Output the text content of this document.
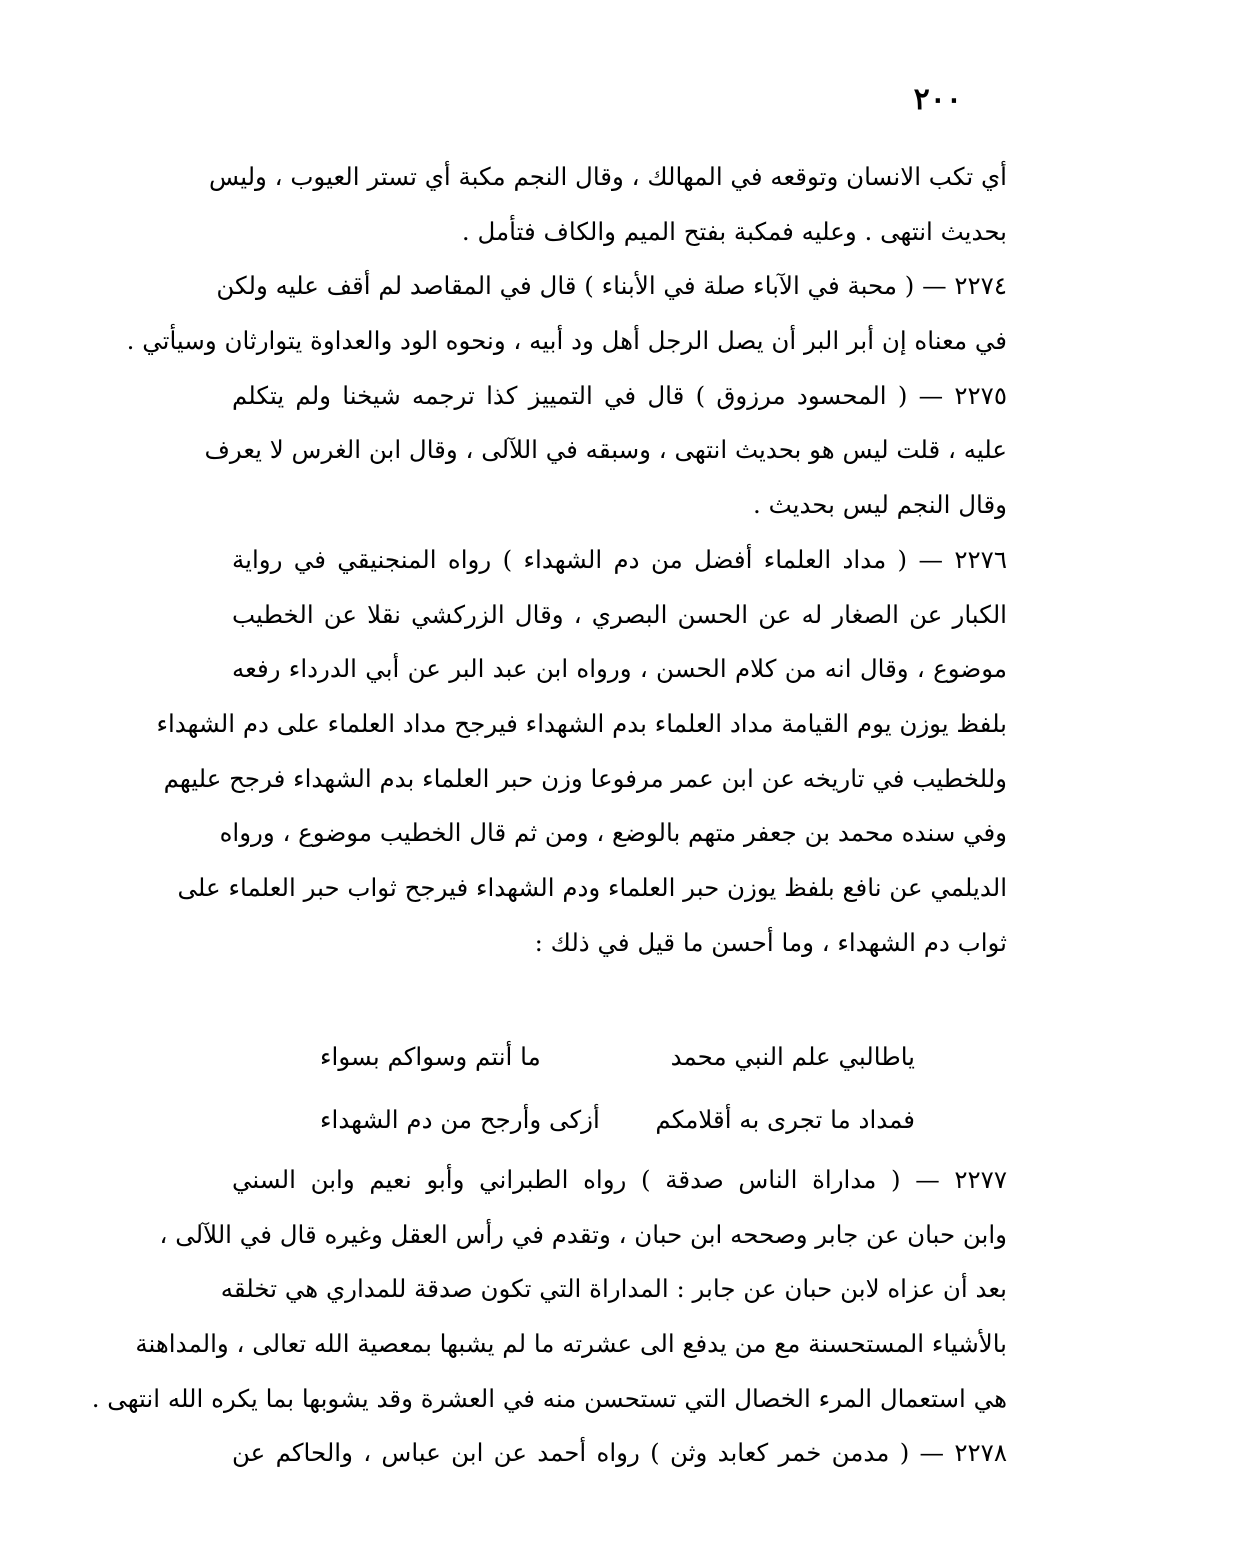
٢٠٠
أي تكب الانسان وتوقعه في المهالك ، وقال النجم مكبة أي تستر العيوب ، وليس
بحديث انتهى . وعليه فمكبة بفتح الميم والكاف فتأمل .
٢٢٧٤ — ( محبة في الآباء صلة في الأبناء ) قال في المقاصد لم أقف عليه ولكن
في معناه إن أبر البر أن يصل الرجل أهل ود أبيه ، ونحوه الود والعداوة يتوارثان وسيأتي .
٢٢٧٥ — ( المحسود مرزوق ) قال في التمييز كذا ترجمه شيخنا ولم يتكلم
عليه ، قلت ليس هو بحديث انتهى ، وسبقه في اللآلى ، وقال ابن الغرس لا يعرف
وقال النجم ليس بحديث .
٢٢٧٦ — ( مداد العلماء أفضل من دم الشهداء ) رواه المنجنيقي في رواية
الكبار عن الصغار له عن الحسن البصري ، وقال الزركشي نقلا عن الخطيب
موضوع ، وقال انه من كلام الحسن ، ورواه ابن عبد البر عن أبي الدرداء رفعه
بلفظ يوزن يوم القيامة مداد العلماء بدم الشهداء فيرجح مداد العلماء على دم الشهداء
وللخطيب في تاريخه عن ابن عمر مرفوعا وزن حبر العلماء بدم الشهداء فرجح عليهم
وفي سنده محمد بن جعفر متهم بالوضع ، ومن ثم قال الخطيب موضوع ، ورواه
الديلمي عن نافع بلفظ يوزن حبر العلماء ودم الشهداء فيرجح ثواب حبر العلماء على
ثواب دم الشهداء ، وما أحسن ما قيل في ذلك :
ياطالبي علم النبي محمد
ما أنتم وسواكم بسواء
فمداد ما تجرى به أقلامكم
أزكى وأرجح من دم الشهداء
٢٢٧٧ — ( مداراة الناس صدقة ) رواه الطبراني وأبو نعيم وابن السني
وابن حبان عن جابر وصححه ابن حبان ، وتقدم في رأس العقل وغيره قال في اللآلى ،
بعد أن عزاه لابن حبان عن جابر : المداراة التي تكون صدقة للمداري هي تخلقه
بالأشياء المستحسنة مع من يدفع الى عشرته ما لم يشبها بمعصية الله تعالى ، والمداهنة
هي استعمال المرء الخصال التي تستحسن منه في العشرة وقد يشوبها بما يكره الله انتهى .
٢٢٧٨ — ( مدمن خمر كعابد وثن ) رواه أحمد عن ابن عباس ، والحاكم عن
